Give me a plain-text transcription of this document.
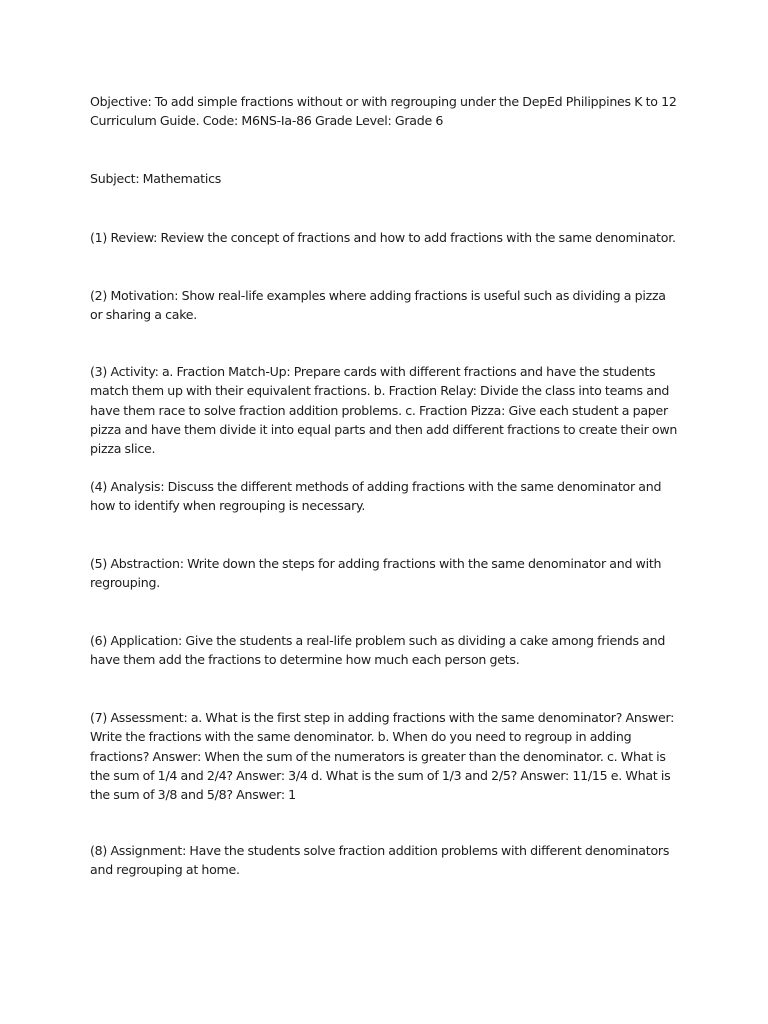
Objective: To add simple fractions without or with regrouping under the DepEd Philippines K to 12 Curriculum Guide. Code: M6NS-Ia-86 Grade Level: Grade 6

Subject: Mathematics

(1) Review: Review the concept of fractions and how to add fractions with the same denominator.

(2) Motivation: Show real-life examples where adding fractions is useful such as dividing a pizza or sharing a cake.

(3) Activity: a. Fraction Match-Up: Prepare cards with different fractions and have the students match them up with their equivalent fractions. b. Fraction Relay: Divide the class into teams and have them race to solve fraction addition problems. c. Fraction Pizza: Give each student a paper pizza and have them divide it into equal parts and then add different fractions to create their own pizza slice.

(4) Analysis: Discuss the different methods of adding fractions with the same denominator and how to identify when regrouping is necessary.

(5) Abstraction: Write down the steps for adding fractions with the same denominator and with regrouping.

(6) Application: Give the students a real-life problem such as dividing a cake among friends and have them add the fractions to determine how much each person gets.

(7) Assessment: a. What is the first step in adding fractions with the same denominator? Answer: Write the fractions with the same denominator. b. When do you need to regroup in adding fractions? Answer: When the sum of the numerators is greater than the denominator. c. What is the sum of 1/4 and 2/4? Answer: 3/4 d. What is the sum of 1/3 and 2/5? Answer: 11/15 e. What is the sum of 3/8 and 5/8? Answer: 1

(8) Assignment: Have the students solve fraction addition problems with different denominators and regrouping at home.
